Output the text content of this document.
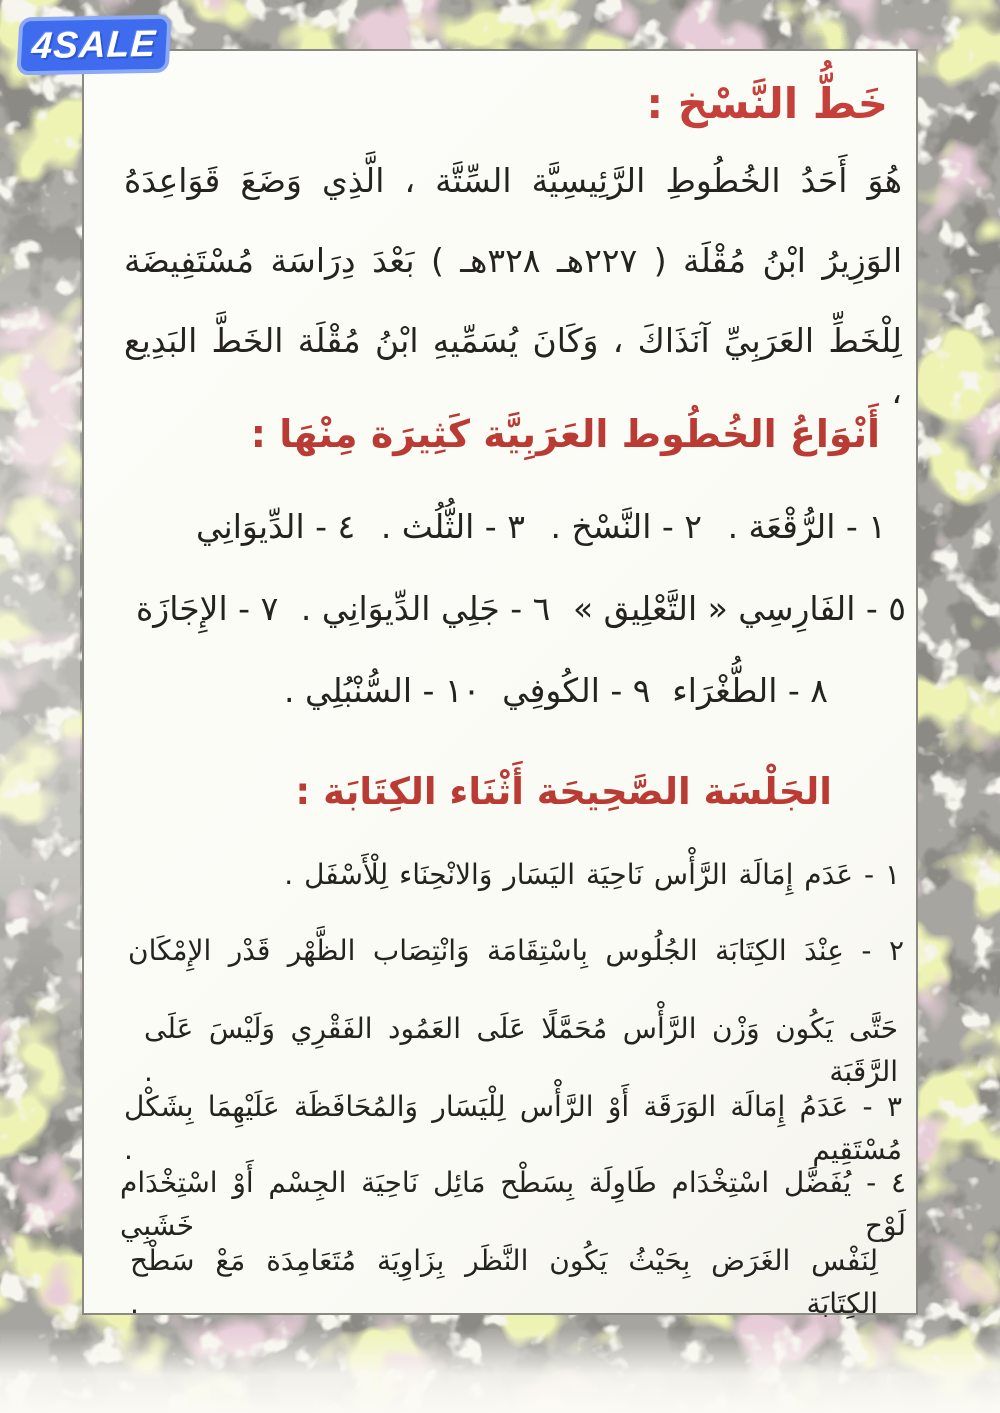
خَطُّ النَّسْخ :
هُوَ أَحَدُ الخُطُوطِ الرَّئِيسِيَّة السِّتَّة ، الَّذِي وَضَعَ قَوَاعِدَهُ
الوَزِيرُ ابْنُ مُقْلَة ( ٢٢٧هـ ٣٢٨هـ ) بَعْدَ دِرَاسَة مُسْتَفِيضَة
لِلْخَطِّ العَرَبِيِّ آنَذَاكَ ، وَكَانَ يُسَمِّيهِ ابْنُ مُقْلَة الخَطَّ البَدِيع ،
أَنْوَاعُ الخُطُوط العَرَبِيَّة كَثِيرَة مِنْهَا :
١ - الرُّقْعَة .
٢ - النَّسْخ .
٣ - الثُّلُث .
٤ - الدِّيوَانِي
٥ - الفَارِسِي « التَّعْلِيق »
٦ - جَلِي الدِّيوَانِي .
٧ - الإِجَازَة
٨ - الطُّغْرَاء
٩ - الكُوفِي
١٠ - السُّنْبُلِي .
الجَلْسَة الصَّحِيحَة أَثْنَاء الكِتَابَة :
١ - عَدَم إِمَالَة الرَّأْس نَاحِيَة اليَسَار وَالانْحِنَاء لِلْأَسْفَل .
٢ - عِنْدَ الكِتَابَة الجُلُوس بِاسْتِقَامَة وَانْتِصَاب الظَّهْر قَدْر الإِمْكَان
حَتَّى يَكُون وَزْن الرَّأْس مُحَمَّلًا عَلَى العَمُود الفَقْرِي وَلَيْسَ عَلَى الرَّقَبَة .
٣ - عَدَمُ إِمَالَة الوَرَقَة أَوْ الرَّأْس لِلْيَسَار وَالمُحَافَظَة عَلَيْهِمَا بِشَكْل مُسْتَقِيم .
٤ - يُفَضَّل اسْتِخْدَام طَاوِلَة بِسَطْح مَائِل نَاحِيَة الجِسْم أَوْ اسْتِخْدَام لَوْح خَشَبِي
لِنَفْس الغَرَض بِحَيْثُ يَكُون النَّظَر بِزَاوِيَة مُتَعَامِدَة مَعْ سَطْح الكِتَابَة .
4SALE
